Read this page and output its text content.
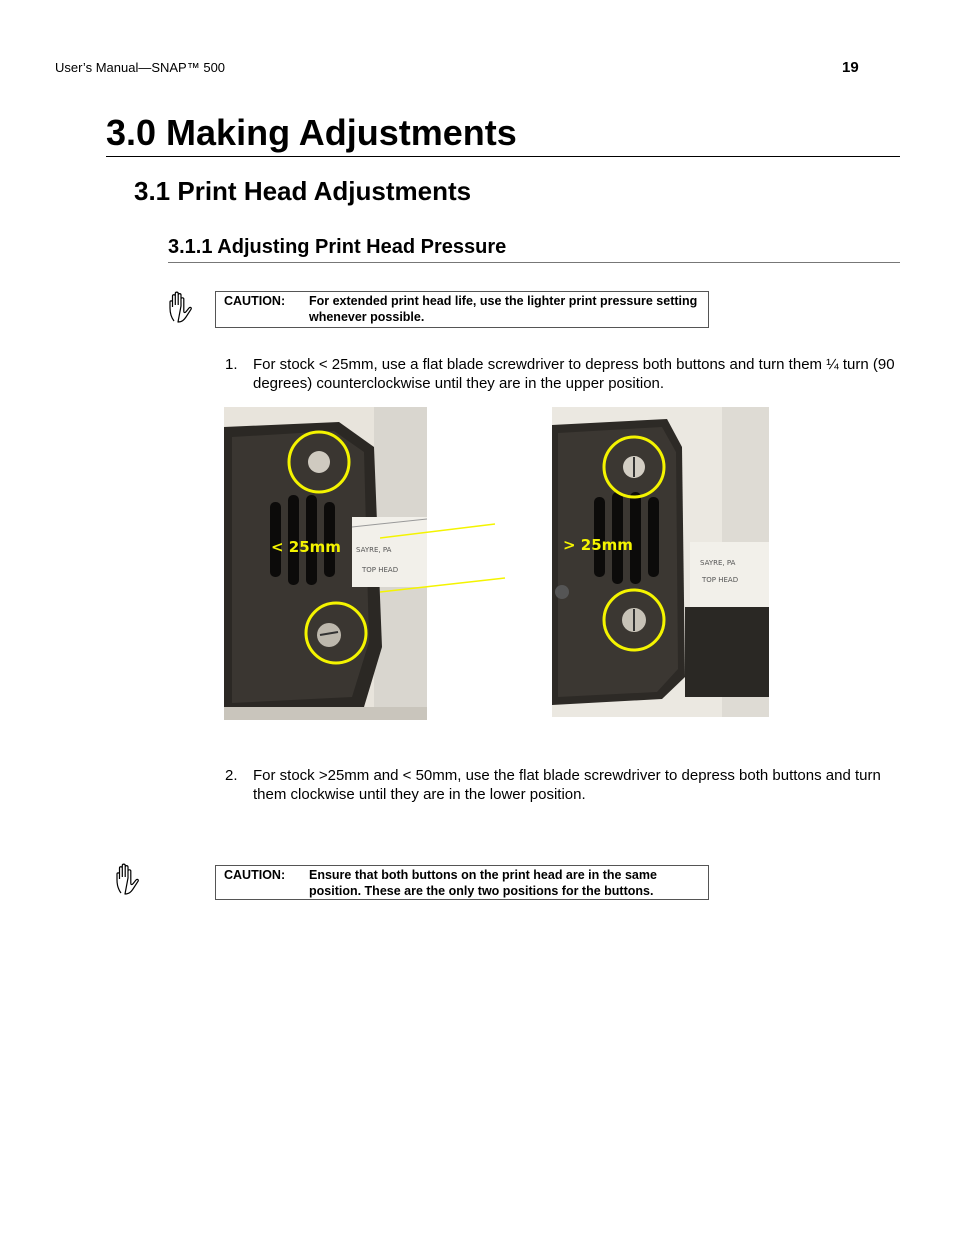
User’s Manual—SNAP™ 500	19
3.0 Making Adjustments
3.1 Print Head Adjustments
3.1.1 Adjusting Print Head Pressure
CAUTION:	For extended print head life, use the lighter print pressure setting whenever possible.
1.	For stock < 25mm, use a flat blade screwdriver to depress both buttons and turn them ¼ turn (90 degrees) counterclockwise until they are in the upper position.
SAYRE, PA
TOP HEAD
< 25mm
SAYRE, PA
TOP HEAD
> 25mm
2.	For stock >25mm and < 50mm, use the flat blade screwdriver to depress both buttons and turn them clockwise until they are in the lower position.
CAUTION:	Ensure that both buttons on the print head are in the same position. These are the only two positions for the buttons.
